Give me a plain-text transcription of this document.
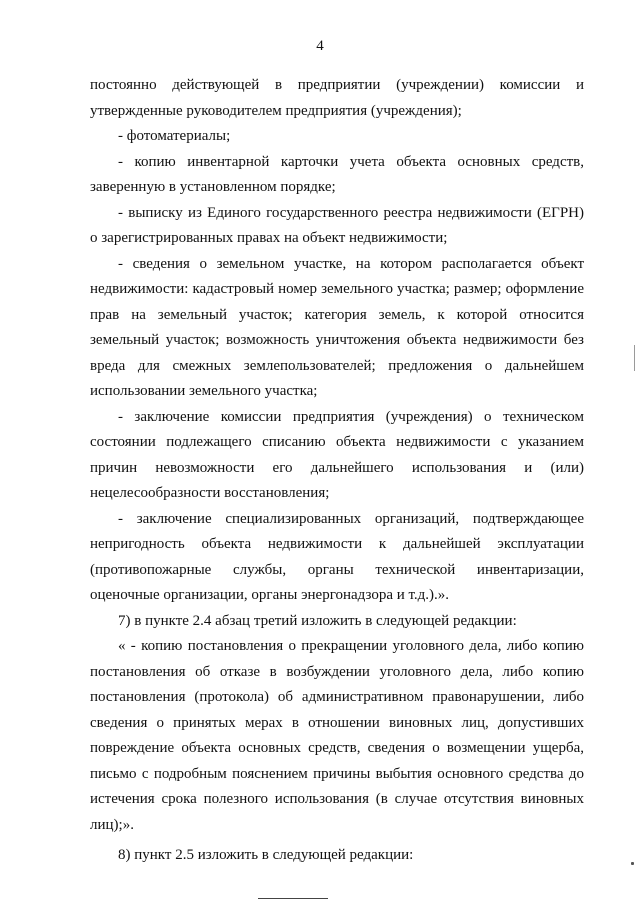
4

постоянно действующей в предприятии (учреждении) комиссии и утвержденные руководителем предприятия (учреждения);

- фотоматериалы;

- копию инвентарной карточки учета объекта основных средств, заверенную в установленном порядке;

- выписку из Единого государственного реестра недвижимости (ЕГРН) о зарегистрированных правах на объект недвижимости;

- сведения о земельном участке, на котором располагается объект недвижимости: кадастровый номер земельного участка; размер; оформление прав на земельный участок; категория земель, к которой относится земельный участок; возможность уничтожения объекта недвижимости без вреда для смежных землепользователей; предложения о дальнейшем использовании земельного участка;

- заключение комиссии предприятия (учреждения) о техническом состоянии подлежащего списанию объекта недвижимости с указанием причин невозможности его дальнейшего использования и (или) нецелесообразности восстановления;

- заключение специализированных организаций, подтверждающее непригодность объекта недвижимости к дальнейшей эксплуатации (противопожарные службы, органы технической инвентаризации, оценочные организации, органы энергонадзора и т.д.).».

7) в пункте 2.4 абзац третий изложить в следующей редакции:

« - копию постановления о прекращении уголовного дела, либо копию постановления об отказе в возбуждении уголовного дела, либо копию постановления (протокола) об административном правонарушении, либо сведения о принятых мерах в отношении виновных лиц, допустивших повреждение объекта основных средств, сведения о возмещении ущерба, письмо с подробным пояснением причины выбытия основного средства до истечения срока полезного использования (в случае отсутствия виновных лиц);».

8) пункт 2.5 изложить в следующей редакции:
